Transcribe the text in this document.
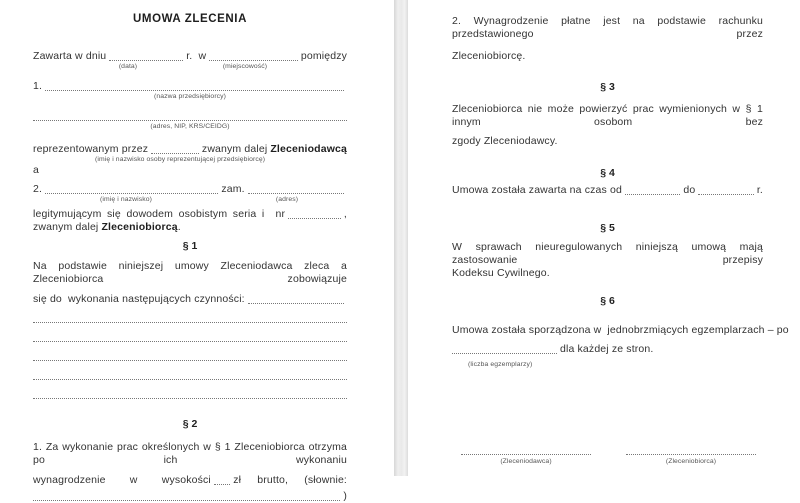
UMOWA ZLECENIA
Zawarta w dniu	r.  w	pomiędzy
(data)	(miejscowość)
1.
(nazwa przedsiębiorcy)
(adres, NIP, KRS/CEIDG)
reprezentowanym przez	zwanym dalej Zleceniodawcą
(imię i nazwisko osoby reprezentującej przedsiębiorcę)
a
2.	zam.
(imię i nazwisko)	(adres)
legitymującym się dowodem osobistym seria i  nr	,
zwanym dalej Zleceniobiorcą.
§ 1
Na podstawie niniejszej umowy Zleceniodawca zleca a Zleceniobiorca zobowiązuje
się do  wykonania następujących czynności:
§ 2
1. Za wykonanie prac określonych w § 1 Zleceniobiorca otrzyma po ich wykonaniu
wynagrodzenie   w   wysokości zł  brutto,  (słownie:
)
2. Wynagrodzenie płatne jest na podstawie rachunku przedstawionego przez
Zleceniobiorcę.
§ 3
Zleceniobiorca nie może powierzyć prac wymienionych w § 1 innym osobom bez
zgody Zleceniodawcy.
§ 4
Umowa została zawarta na czas od	do	r.
§ 5
W sprawach nieuregulowanych niniejszą umową mają zastosowanie przepisy
Kodeksu Cywilnego.
§ 6
Umowa została sporządzona w jednobrzmiących egzemplarzach – po
dla każdej ze stron.
(liczba egzemplarzy)
(Zleceniodawca)	(Zleceniobiorca)
